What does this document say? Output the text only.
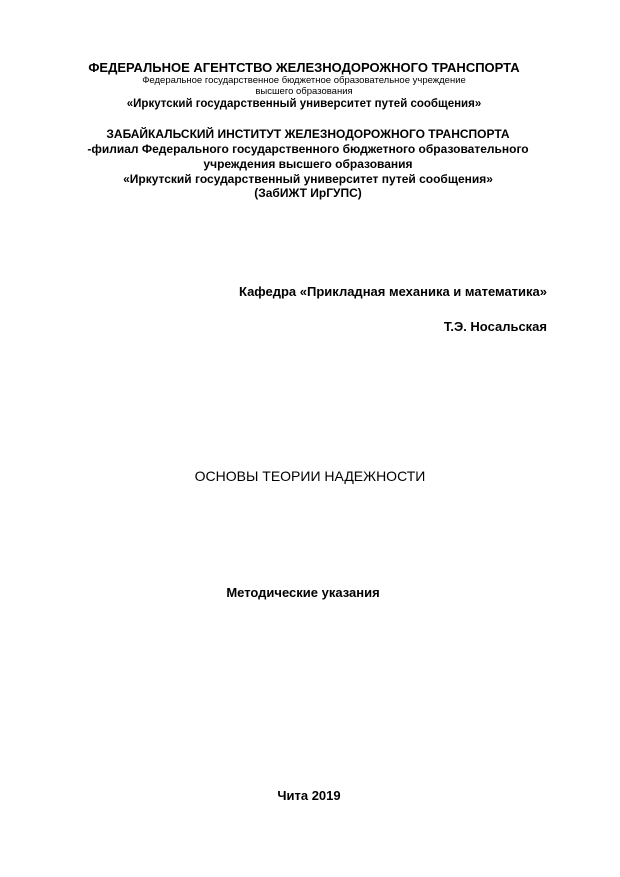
ФЕДЕРАЛЬНОЕ АГЕНТСТВО ЖЕЛЕЗНОДОРОЖНОГО ТРАНСПОРТА
Федеральное государственное бюджетное образовательное учреждение
высшего образования
«Иркутский государственный университет путей сообщения»
ЗАБАЙКАЛЬСКИЙ ИНСТИТУТ ЖЕЛЕЗНОДОРОЖНОГО ТРАНСПОРТА
-филиал Федерального государственного бюджетного образовательного
учреждения высшего образования
«Иркутский государственный университет путей сообщения»
(ЗабИЖТ ИрГУПС)
Кафедра «Прикладная механика и математика»
Т.Э. Носальская
ОСНОВЫ ТЕОРИИ НАДЕЖНОСТИ
Методические указания
Чита 2019
